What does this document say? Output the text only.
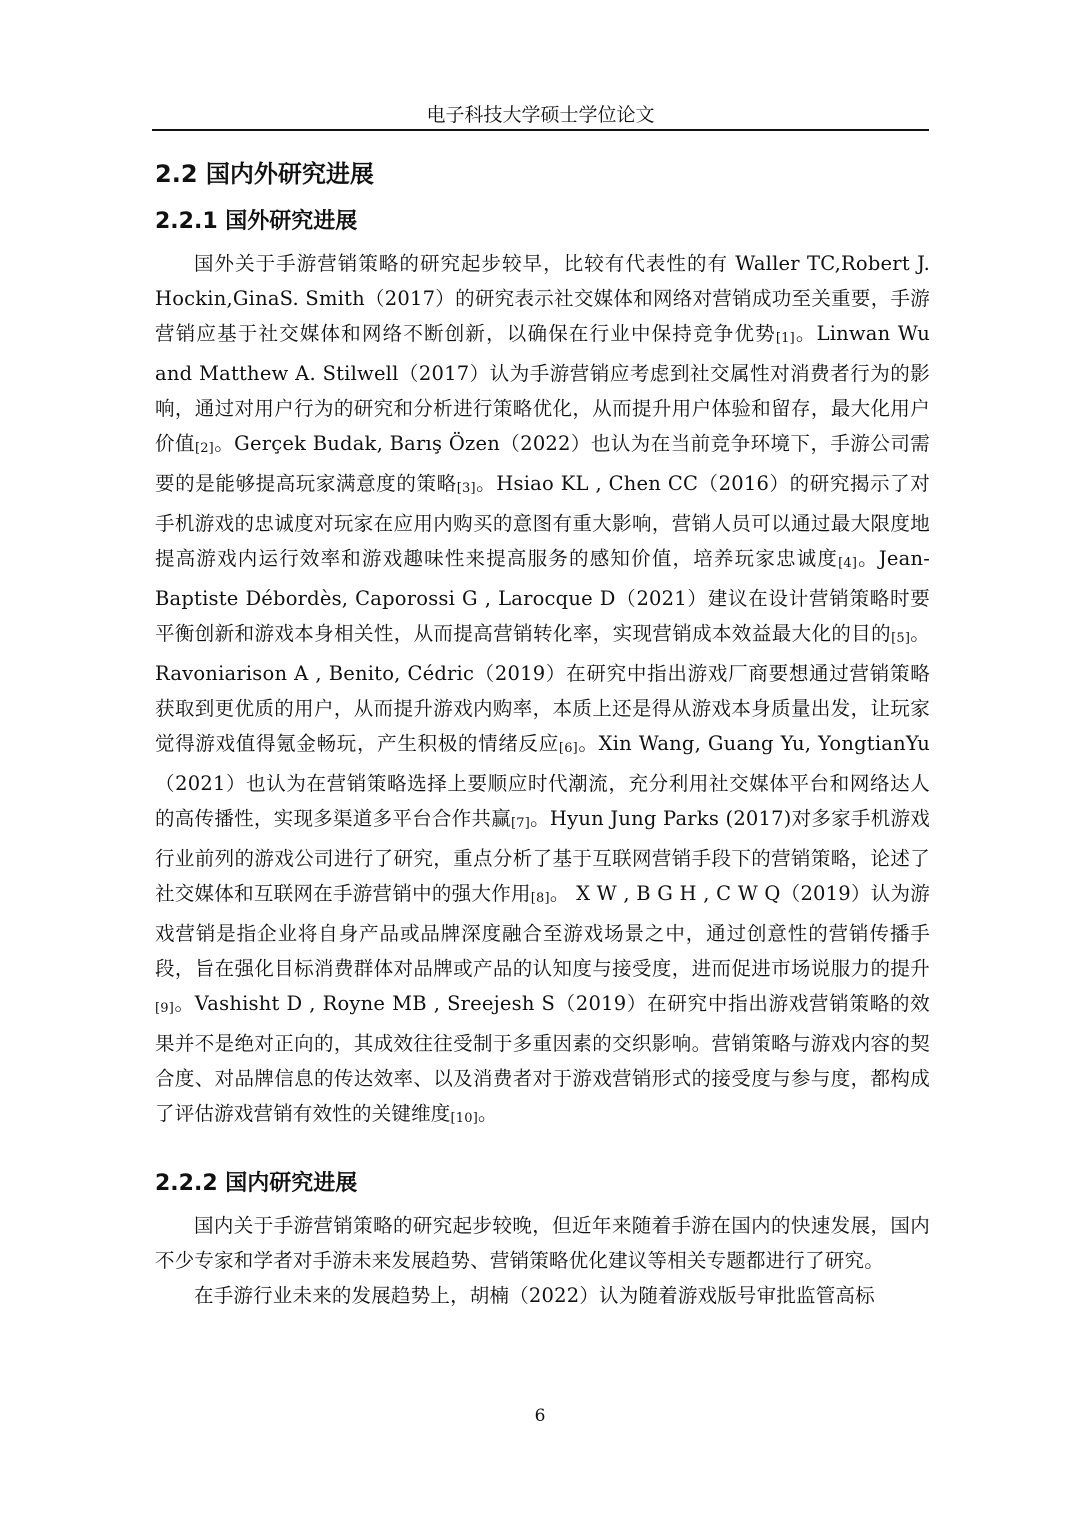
电子科技大学硕士学位论文
2.2 国内外研究进展
2.2.1 国外研究进展

国外关于手游营销策略的研究起步较早，比较有代表性的有 Waller TC,Robert J. Hockin,GinaS. Smith（2017）的研究表示社交媒体和网络对营销成功至关重要，手游营销应基于社交媒体和网络不断创新，以确保在行业中保持竞争优势[1]。Linwan Wu and Matthew A. Stilwell（2017）认为手游营销应考虑到社交属性对消费者行为的影响，通过对用户行为的研究和分析进行策略优化，从而提升用户体验和留存，最大化用户价值[2]。Gerçek Budak, Barış Özen（2022）也认为在当前竞争环境下，手游公司需要的是能够提高玩家满意度的策略[3]。Hsiao KL , Chen CC（2016）的研究揭示了对手机游戏的忠诚度对玩家在应用内购买的意图有重大影响，营销人员可以通过最大限度地提高游戏内运行效率和游戏趣味性来提高服务的感知价值，培养玩家忠诚度[4]。Jean-Baptiste Débordès, Caporossi G , Larocque D（2021）建议在设计营销策略时要平衡创新和游戏本身相关性，从而提高营销转化率，实现营销成本效益最大化的目的[5]。Ravoniarison A , Benito, Cédric（2019）在研究中指出游戏厂商要想通过营销策略获取到更优质的用户，从而提升游戏内购率，本质上还是得从游戏本身质量出发，让玩家觉得游戏值得氪金畅玩，产生积极的情绪反应[6]。Xin Wang, Guang Yu, YongtianYu（2021）也认为在营销策略选择上要顺应时代潮流，充分利用社交媒体平台和网络达人的高传播性，实现多渠道多平台合作共赢[7]。Hyun Jung Parks (2017)对多家手机游戏行业前列的游戏公司进行了研究，重点分析了基于互联网营销手段下的营销策略，论述了社交媒体和互联网在手游营销中的强大作用[8]。 X W , B G H , C W Q（2019）认为游戏营销是指企业将自身产品或品牌深度融合至游戏场景之中，通过创意性的营销传播手段，旨在强化目标消费群体对品牌或产品的认知度与接受度，进而促进市场说服力的提升[9]。Vashisht D , Royne MB , Sreejesh S（2019）在研究中指出游戏营销策略的效果并不是绝对正向的，其成效往往受制于多重因素的交织影响。营销策略与游戏内容的契合度、对品牌信息的传达效率、以及消费者对于游戏营销形式的接受度与参与度，都构成了评估游戏营销有效性的关键维度[10]。

2.2.2 国内研究进展

国内关于手游营销策略的研究起步较晚，但近年来随着手游在国内的快速发展，国内不少专家和学者对手游未来发展趋势、营销策略优化建议等相关专题都进行了研究。

在手游行业未来的发展趋势上，胡楠（2022）认为随着游戏版号审批监管高标

6
